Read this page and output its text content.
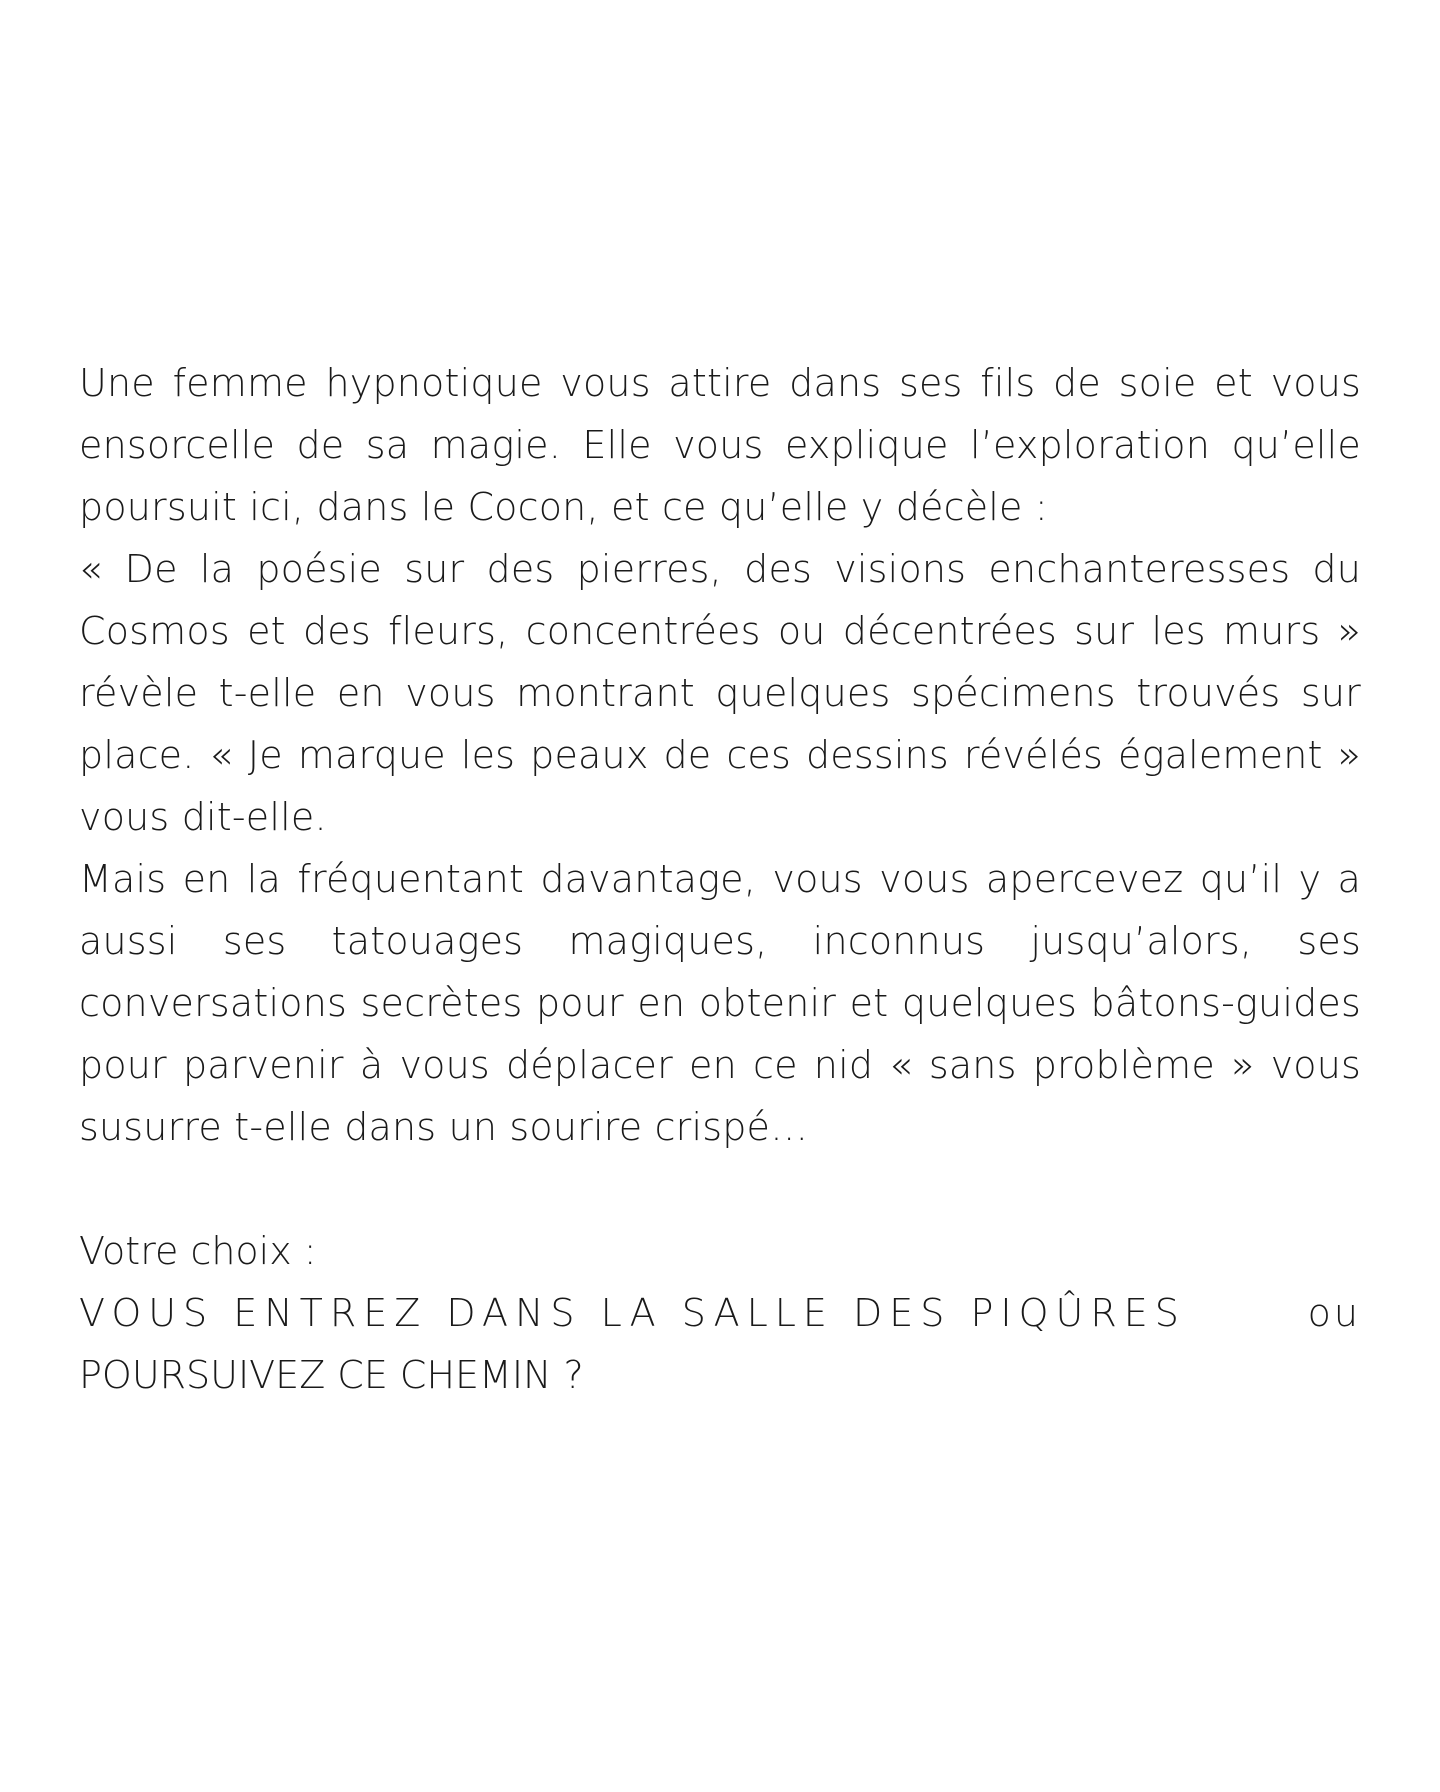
Une femme hypnotique vous attire dans ses fils de soie et vous ensorcelle de sa magie. Elle vous explique l’exploration qu’elle poursuit ici, dans le Cocon, et ce qu’elle y décèle :

« De la poésie sur des pierres, des visions enchanteresses du Cosmos et des fleurs, concentrées ou décentrées sur les murs » révèle t-elle en vous montrant quelques spécimens trouvés sur place. « Je marque les peaux de ces dessins révélés également » vous dit-elle.

Mais en la fréquentant davantage, vous vous apercevez qu’il y a aussi ses tatouages magiques, inconnus jusqu’alors, ses conversations secrètes pour en obtenir et quelques bâtons-guides pour parvenir à vous déplacer en ce nid « sans problème » vous susurre t-elle dans un sourire crispé…

Votre choix :

VOUS ENTREZ DANS LA SALLE DES PIQÛRES	ou

POURSUIVEZ CE CHEMIN ?
